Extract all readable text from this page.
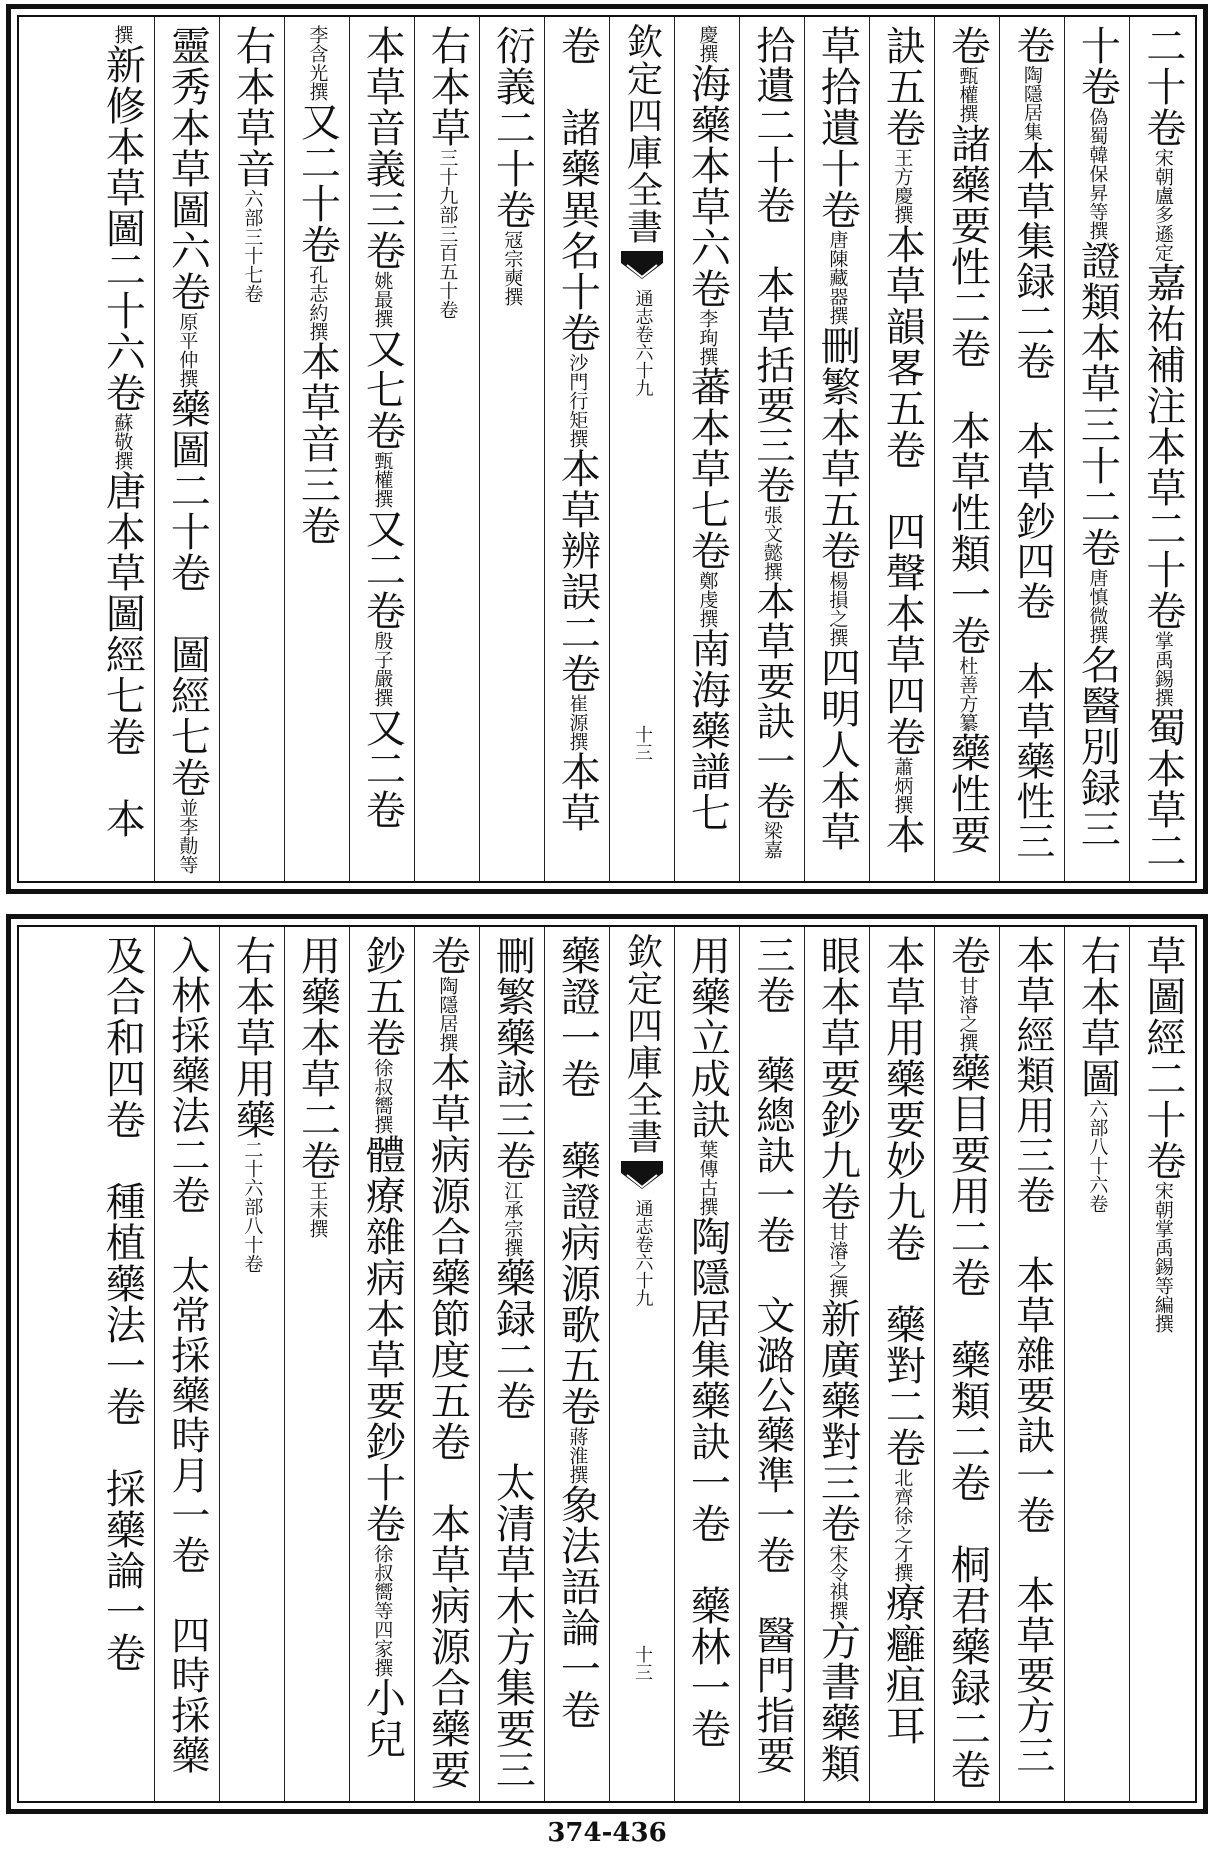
二十卷宋朝盧多遜定嘉祐補注本草二十卷掌禹錫撰蜀本草二
十卷偽蜀韓保昇等撰證類本草三十二卷唐慎微撰名醫別録三
卷陶隱居集本草集録二卷　本草鈔四卷　本草藥性三
卷甄權撰諸藥要性二卷　本草性類一卷杜善方纂藥性要
訣五卷王方慶撰本草韻畧五卷　四聲本草四卷蕭炳撰本
草拾遺十卷唐陳藏器撰刪繁本草五卷楊損之撰四明人本草
拾遺二十卷　本草括要三卷張文懿撰本草要訣一卷梁嘉
慶撰海藥本草六卷李珣撰蕃本草七卷鄭虔撰南海藥譜七
欽定四庫全書
通志卷六十九
十三
卷　諸藥異名十卷沙門行矩撰本草辨誤二卷崔源撰本草
衍義二十卷冦宗奭撰
右本草三十九部三百五十卷
本草音義三卷姚最撰又七卷甄權撰又二卷殷子嚴撰又二卷
李含光撰又二十卷孔志約撰本草音三卷
右本草音六部三十七卷
靈秀本草圖六卷原平仲撰藥圖二十卷　圖經七卷並李勣等
撰新修本草圖二十六卷蘇敬撰唐本草圖經七卷　本
草圖經二十卷宋朝掌禹錫等編撰
右本草圖六部八十六卷
本草經類用三卷　本草雜要訣一卷　本草要方三
卷甘濬之撰藥目要用二卷　藥類二卷　桐君藥録二卷
本草用藥要妙九卷　藥對二卷北齊徐之才撰療癰疽耳
眼本草要鈔九卷甘濬之撰新廣藥對三卷宋令祺撰方書藥類
三卷　藥總訣一卷　文潞公藥準一卷　醫門指要
用藥立成訣葉傳古撰陶隱居集藥訣一卷　藥林一卷
欽定四庫全書
通志卷六十九
十三
藥證一卷　藥證病源歌五卷蔣淮撰象法語論一卷
刪繁藥詠三卷江承宗撰藥録二卷　太清草木方集要三
卷陶隱居撰本草病源合藥節度五卷　本草病源合藥要
鈔五卷徐叔嚮撰體療雜病本草要鈔十卷徐叔嚮等四家撰小兒
用藥本草二卷王末撰
右本草用藥二十六部八十卷
入林採藥法二卷　太常採藥時月一卷　四時採藥
及合和四卷　種植藥法一卷　採藥論一卷
374-436
